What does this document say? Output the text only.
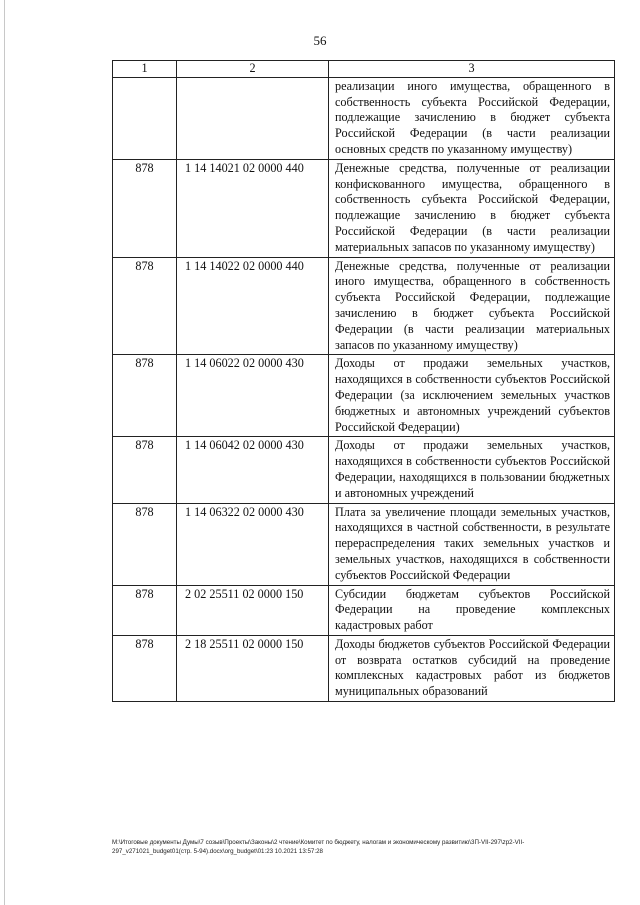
56
1	2	3
		реализации иного имущества, обращенного в собственность субъекта Российской Федерации, подлежащие зачислению в бюджет субъекта Российской Федерации (в части реализации основных средств по указанному имуществу)
878	1 14 14021 02 0000 440	Денежные средства, полученные от реализации конфискованного имущества, обращенного в собственность субъекта Российской Федерации, подлежащие зачислению в бюджет субъекта Российской Федерации (в части реализации материальных запасов по указанному имуществу)
878	1 14 14022 02 0000 440	Денежные средства, полученные от реализации иного имущества, обращенного в собственность субъекта Российской Федерации, подлежащие зачислению в бюджет субъекта Российской Федерации (в части реализации материальных запасов по указанному имуществу)
878	1 14 06022 02 0000 430	Доходы от продажи земельных участков, находящихся в собственности субъектов Российской Федерации (за исключением земельных участков бюджетных и автономных учреждений субъектов Российской Федерации)
878	1 14 06042 02 0000 430	Доходы от продажи земельных участков, находящихся в собственности субъектов Российской Федерации, находящихся в пользовании бюджетных и автономных учреждений
878	1 14 06322 02 0000 430	Плата за увеличение площади земельных участков, находящихся в частной собственности, в результате перераспределения таких земельных участков и земельных участков, находящихся в собственности субъектов Российской Федерации
878	2 02 25511 02 0000 150	Субсидии бюджетам субъектов Российской Федерации на проведение комплексных кадастровых работ
878	2 18 25511 02 0000 150	Доходы бюджетов субъектов Российской Федерации от возврата остатков субсидий на проведение комплексных кадастровых работ из бюджетов муниципальных образований
M:\Итоговые документы Думы\7 созыв\Проекты\Законы\2 чтение\Комитет по бюджету, налогам и экономическому развитию\3П-VII-297\zp2-VII-
297_v271021_budget01(стр. 5-94).docx\org_budget\01:23 10.2021 13:57:28
